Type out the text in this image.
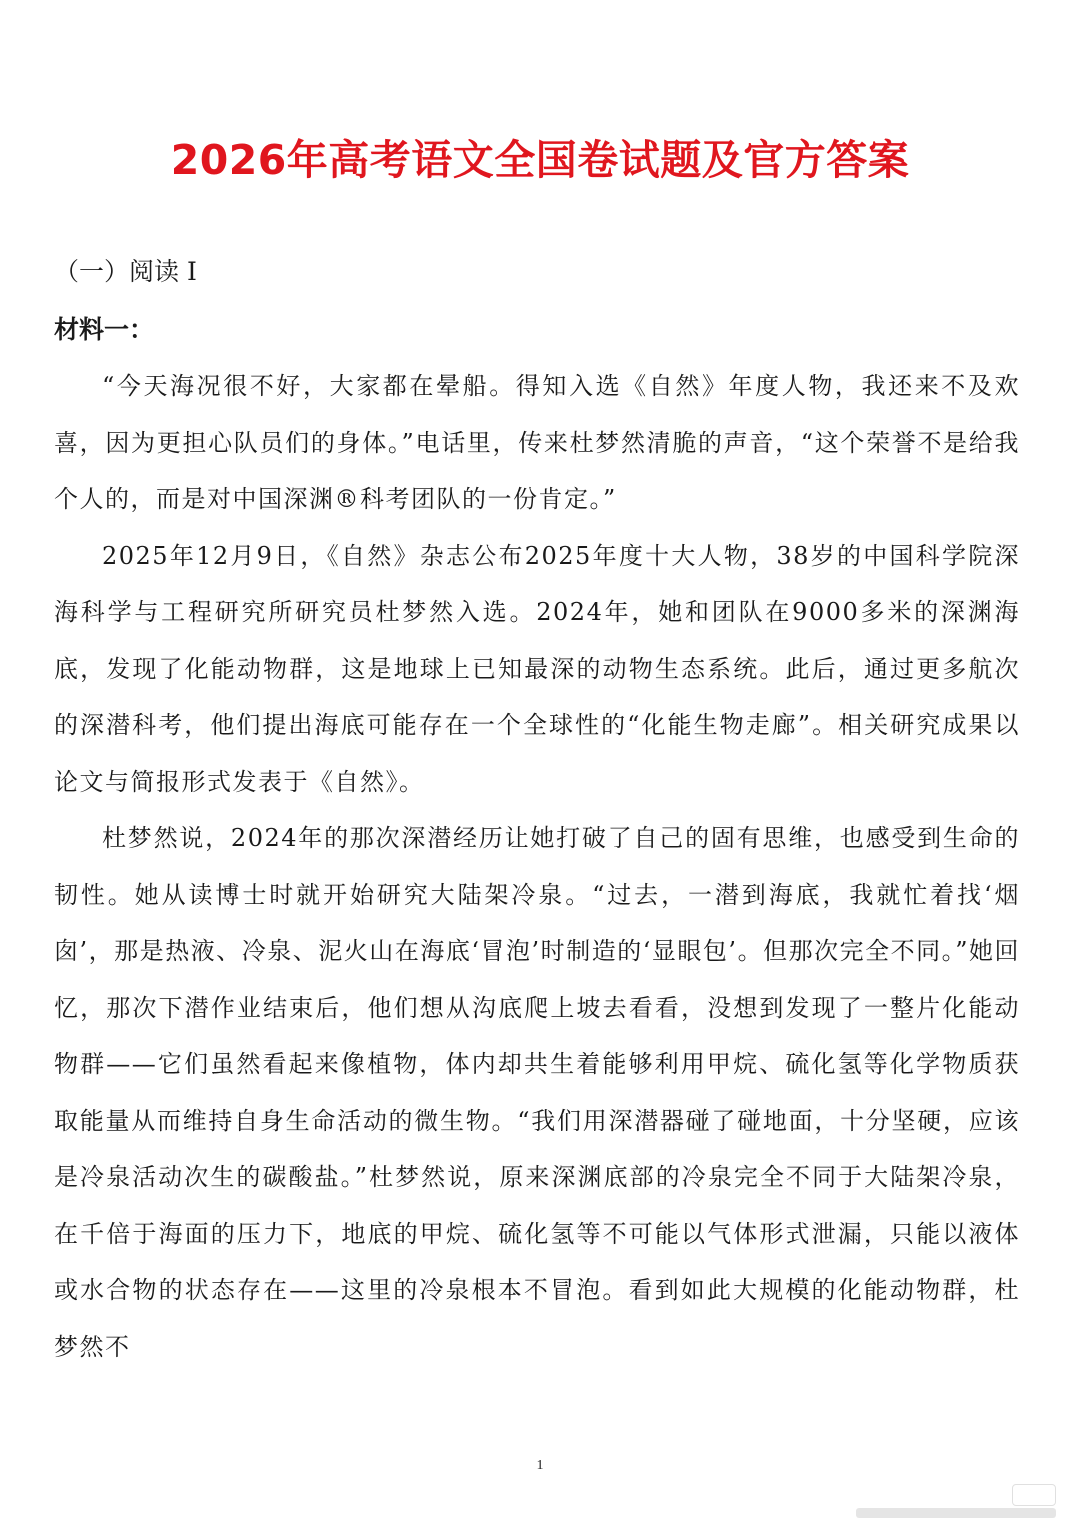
2026年高考语文全国卷试题及官方答案
（一）阅读 I
材料一：

“今天海况很不好，大家都在晕船。得知入选《自然》年度人物，我还来不及欢喜，因为更担心队员们的身体。”电话里，传来杜梦然清脆的声音，“这个荣誉不是给我个人的，而是对中国深渊®科考团队的一份肯定。”

2025年12月9日，《自然》杂志公布2025年度十大人物，38岁的中国科学院深海科学与工程研究所研究员杜梦然入选。2024年，她和团队在9000多米的深渊海底，发现了化能动物群，这是地球上已知最深的动物生态系统。此后，通过更多航次的深潜科考，他们提出海底可能存在一个全球性的“化能生物走廊”。相关研究成果以论文与简报形式发表于《自然》。

杜梦然说，2024年的那次深潜经历让她打破了自己的固有思维，也感受到生命的韧性。她从读博士时就开始研究大陆架冷泉。“过去，一潜到海底，我就忙着找‘烟囱’，那是热液、冷泉、泥火山在海底‘冒泡’时制造的‘显眼包’。但那次完全不同。”她回忆，那次下潜作业结束后，他们想从沟底爬上坡去看看，没想到发现了一整片化能动物群——它们虽然看起来像植物，体内却共生着能够利用甲烷、硫化氢等化学物质获取能量从而维持自身生命活动的微生物。“我们用深潜器碰了碰地面，十分坚硬，应该是冷泉活动次生的碳酸盐。”杜梦然说，原来深渊底部的冷泉完全不同于大陆架冷泉，在千倍于海面的压力下，地底的甲烷、硫化氢等不可能以气体形式泄漏，只能以液体或水合物的状态存在——这里的冷泉根本不冒泡。看到如此大规模的化能动物群，杜梦然不

1
